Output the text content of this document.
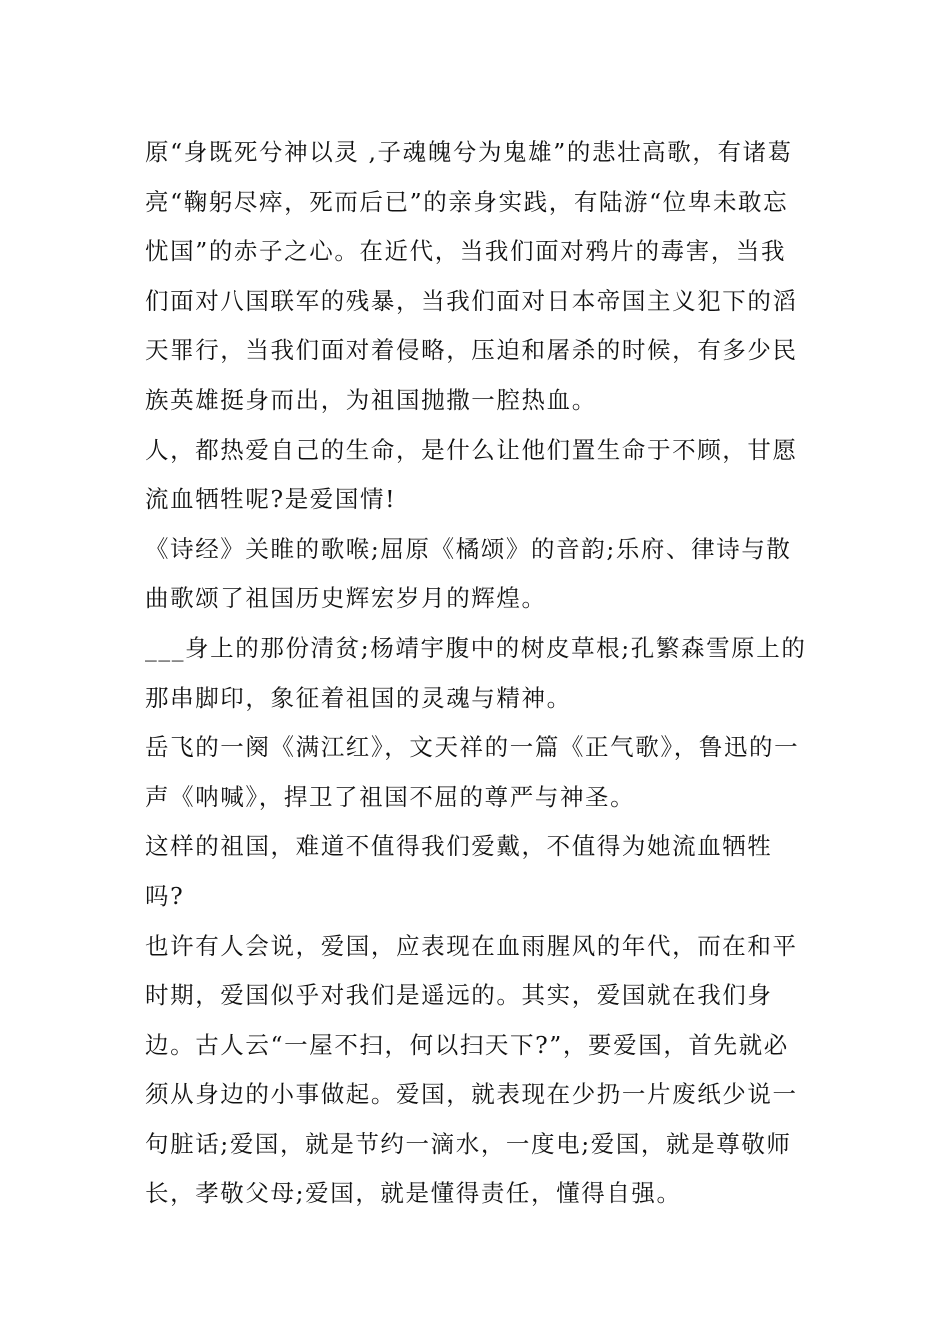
原“身既死兮神以灵 ,子魂魄兮为鬼雄”的悲壮高歌，有诸葛亮“鞠躬尽瘁，死而后已”的亲身实践，有陆游“位卑未敢忘忧国”的赤子之心。在近代，当我们面对鸦片的毒害，当我们面对八国联军的残暴，当我们面对日本帝国主义犯下的滔天罪行，当我们面对着侵略，压迫和屠杀的时候，有多少民族英雄挺身而出，为祖国抛撒一腔热血。

人，都热爱自己的生命，是什么让他们置生命于不顾，甘愿流血牺牲呢?是爱国情!

《诗经》关睢的歌喉;屈原《橘颂》的音韵;乐府、律诗与散曲歌颂了祖国历史辉宏岁月的辉煌。

___身上的那份清贫;杨靖宇腹中的树皮草根;孔繁森雪原上的那串脚印，象征着祖国的灵魂与精神。

岳飞的一阕《满江红》，文天祥的一篇《正气歌》，鲁迅的一声《呐喊》，捍卫了祖国不屈的尊严与神圣。

这样的祖国，难道不值得我们爱戴，不值得为她流血牺牲吗?

也许有人会说，爱国，应表现在血雨腥风的年代，而在和平时期，爱国似乎对我们是遥远的。其实，爱国就在我们身边。古人云“一屋不扫，何以扫天下?”，要爱国，首先就必须从身边的小事做起。爱国，就表现在少扔一片废纸少说一句脏话;爱国，就是节约一滴水，一度电;爱国，就是尊敬师长，孝敬父母;爱国，就是懂得责任，懂得自强。
